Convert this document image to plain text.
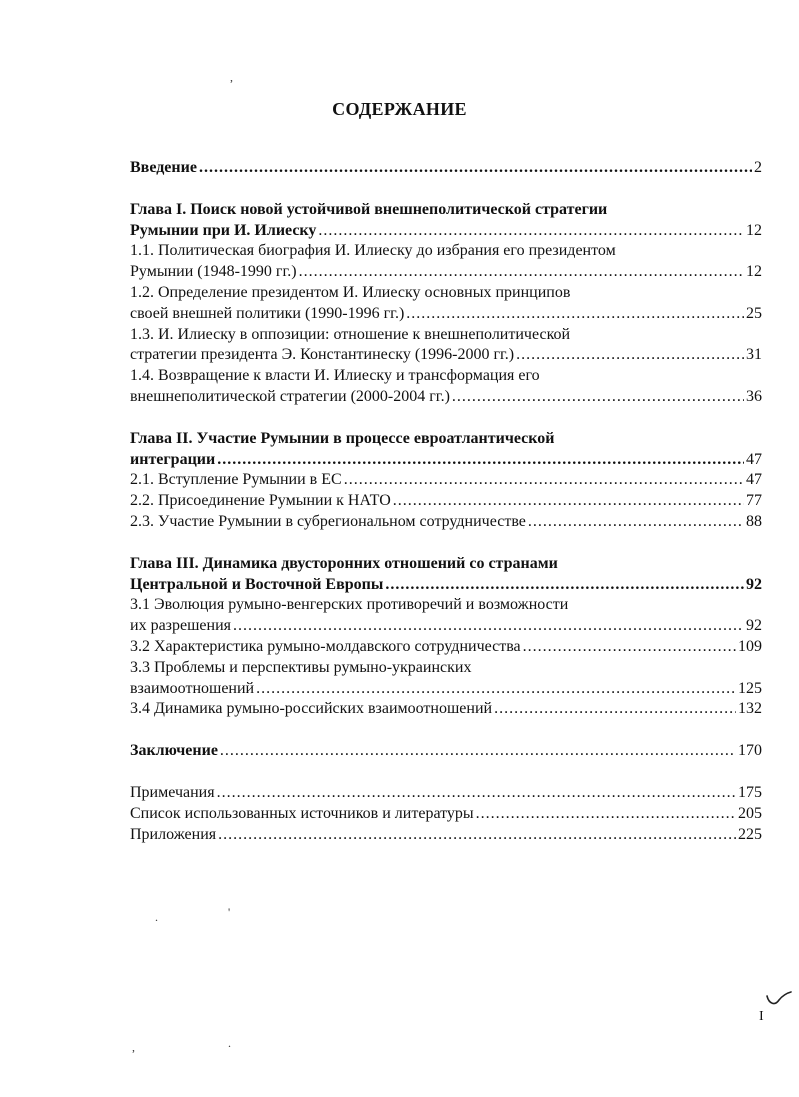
,
.	'
,	.
СОДЕРЖАНИЕ
Введение .....	2
Глава I. Поиск новой устойчивой внешнеполитической стратегии
Румынии при И. Илиеску .....	12
1.1. Политическая биография И. Илиеску до избрания его президентом
Румынии (1948-1990 гг.) .....	12
1.2. Определение президентом И. Илиеску основных принципов
своей внешней политики (1990-1996 гг.) .....	25
1.3. И. Илиеску в оппозиции: отношение к внешнеполитической
стратегии президента Э. Константинеску (1996-2000 гг.) .....	31
1.4. Возвращение к власти И. Илиеску и трансформация его
внешнеполитической стратегии (2000-2004 гг.) .....	36
Глава II. Участие Румынии в процессе евроатлантической
интеграции .....	47
2.1. Вступление Румынии в ЕС .....	47
2.2. Присоединение Румынии к НАТО .....	77
2.3. Участие Румынии в субрегиональном сотрудничестве .....	88
Глава III. Динамика двусторонних отношений со странами
Центральной и Восточной Европы .....	92
3.1 Эволюция румыно-венгерских противоречий и возможности
их разрешения .....	92
3.2 Характеристика румыно-молдавского сотрудничества .....	109
3.3 Проблемы и перспективы румыно-украинских
взаимоотношений .....	125
3.4 Динамика румыно-российских взаимоотношений .....	132
Заключение .....	170
Примечания .....	175
Список использованных источников и литературы .....	205
Приложения .....	225
I
